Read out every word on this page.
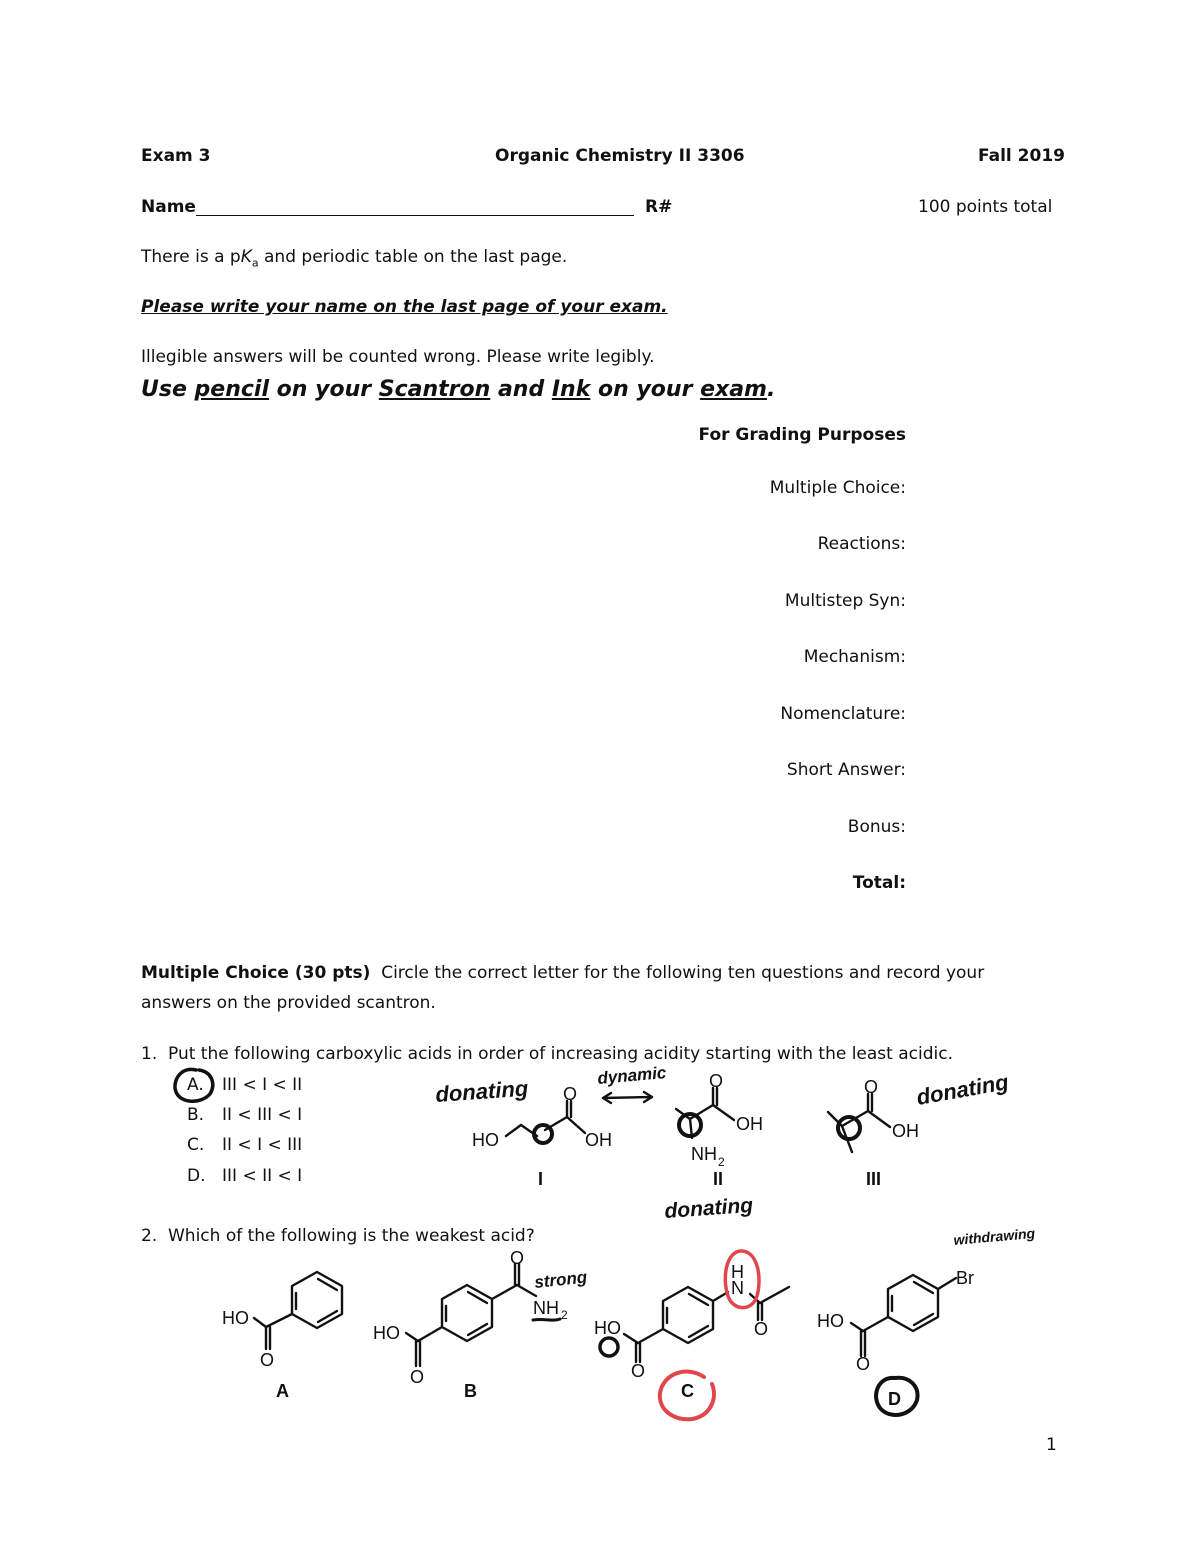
Exam 3	Organic Chemistry II 3306	Fall 2019
Name	R#	100 points total
There is a $pK_a$ and periodic table on the last page.
Please write your name on the last page of your exam.
Illegible answers will be counted wrong. Please write legibly.
Use pencil on your Scantron and Ink on your exam.
For Grading Purposes
Multiple Choice:
Reactions:
Multistep Syn:
Mechanism:
Nomenclature:
Short Answer:
Bonus:
Total:
Multiple Choice (30 pts) Circle the correct letter for the following ten questions and record your
answers on the provided scantron.
1. Put the following carboxylic acids in order of increasing acidity starting with the least acidic.
A. III < I < II
B. II < III < I
C. II < I < III
D. III < II < I
2. Which of the following is the weakest acid?
HO
O
OH
I
O
OH
NH 2
II
O
OH
III
HO
O
A
HO
O
O
NH 2
B
HO
O
H
N
O
C
HO
O
Br
D
donating
dynamic	donating
donating
strong
withdrawing
1
